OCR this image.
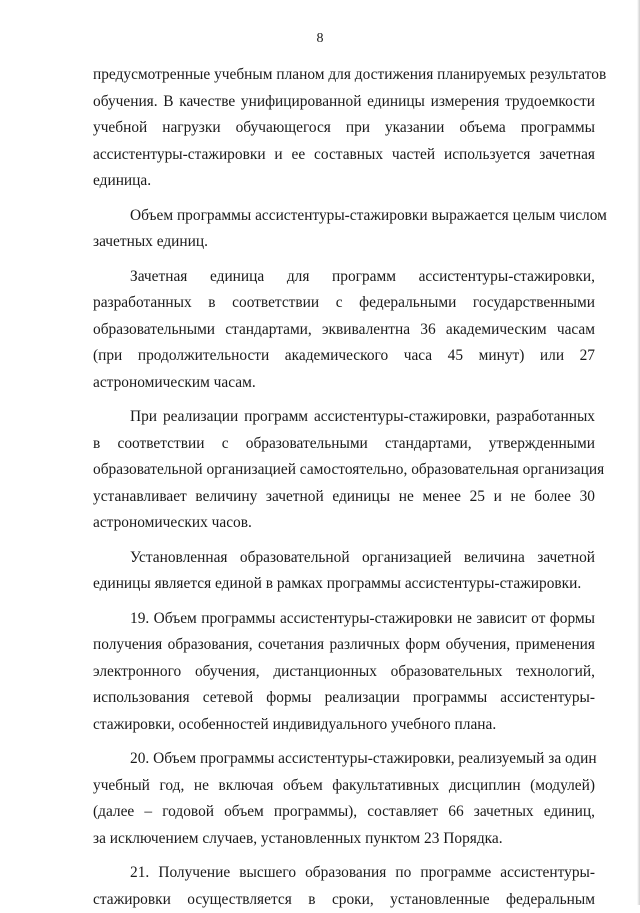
8

предусмотренные учебным планом для достижения планируемых результатов
обучения. В качестве унифицированной единицы измерения трудоемкости
учебной нагрузки обучающегося при указании объема программы
ассистентуры-стажировки и ее составных частей используется зачетная
единица.

Объем программы ассистентуры-стажировки выражается целым числом
зачетных единиц.

Зачетная единица для программ ассистентуры-стажировки,
разработанных в соответствии с федеральными государственными
образовательными стандартами, эквивалентна 36 академическим часам
(при продолжительности академического часа 45 минут) или 27
астрономическим часам.

При реализации программ ассистентуры-стажировки, разработанных
в соответствии с образовательными стандартами, утвержденными
образовательной организацией самостоятельно, образовательная организация
устанавливает величину зачетной единицы не менее 25 и не более 30
астрономических часов.

Установленная образовательной организацией величина зачетной
единицы является единой в рамках программы ассистентуры-стажировки.

19. Объем программы ассистентуры-стажировки не зависит от формы
получения образования, сочетания различных форм обучения, применения
электронного обучения, дистанционных образовательных технологий,
использования сетевой формы реализации программы ассистентуры-
стажировки, особенностей индивидуального учебного плана.

20. Объем программы ассистентуры-стажировки, реализуемый за один
учебный год, не включая объем факультативных дисциплин (модулей)
(далее – годовой объем программы), составляет 66 зачетных единиц,
за исключением случаев, установленных пунктом 23 Порядка.

21. Получение высшего образования по программе ассистентуры-
стажировки осуществляется в сроки, установленные федеральным
